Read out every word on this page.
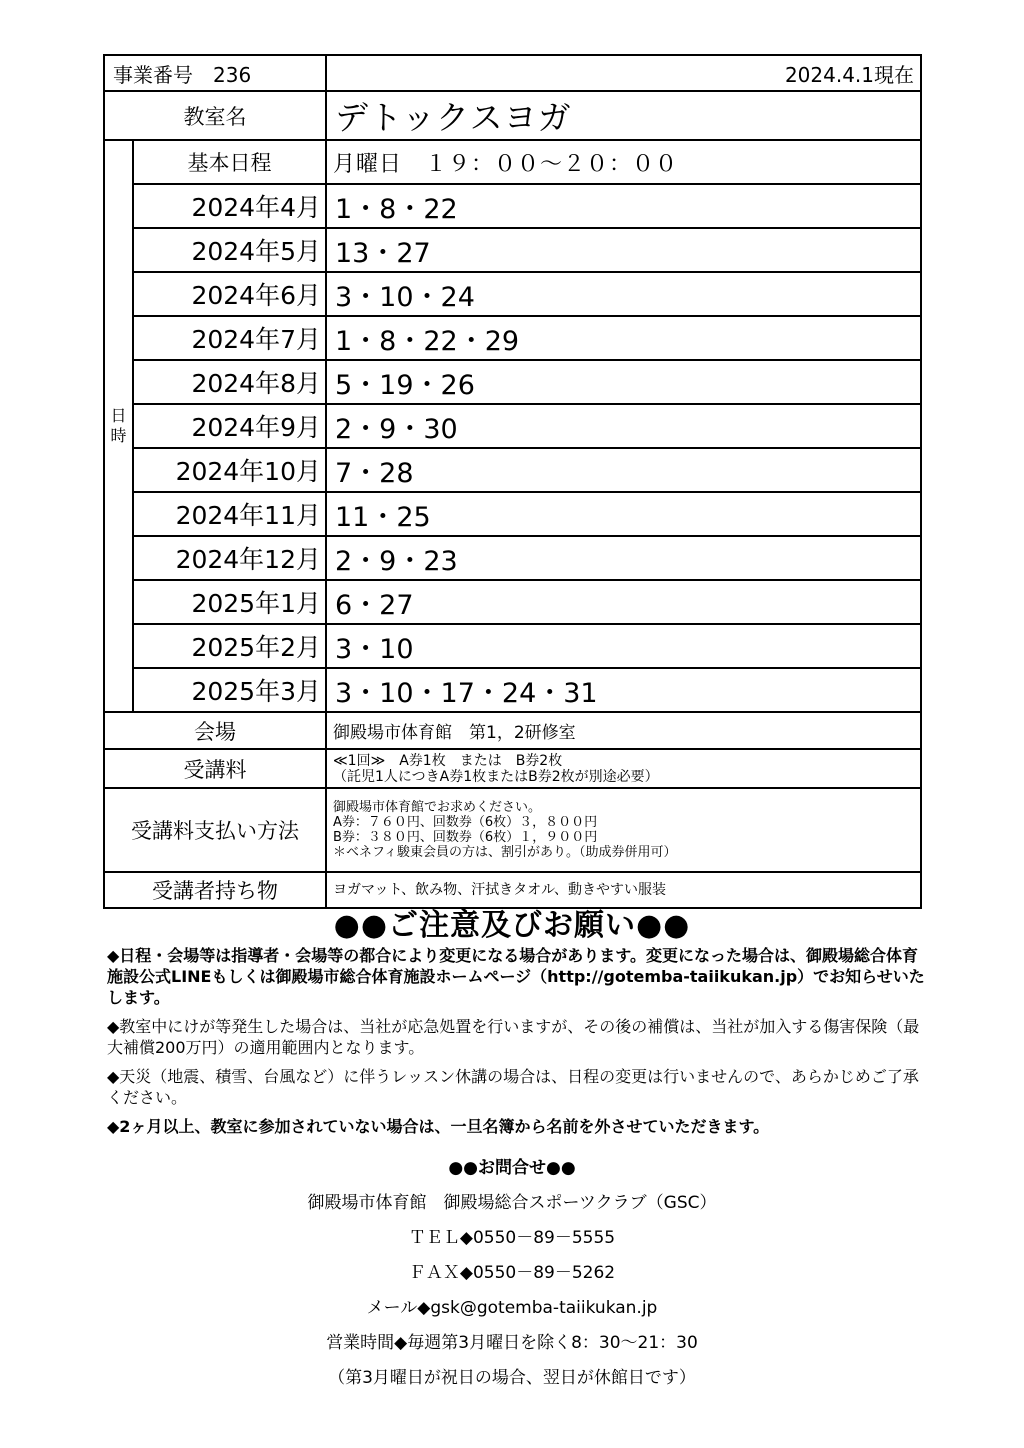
事業番号　236		2024.4.1現在
教室名		デトックスヨガ

日
時	基本日程	月曜日　１９：００～２０：００
	2024年4月	1・8・22
	2024年5月	13・27
	2024年6月	3・10・24
	2024年7月	1・8・22・29
	2024年8月	5・19・26
	2024年9月	2・9・30
	2024年10月	7・28
	2024年11月	11・25
	2024年12月	2・9・23
	2025年1月	6・27
	2025年2月	3・10
	2025年3月	3・10・17・24・31
会場		御殿場市体育館　第1，2研修室
受講料		≪1回≫　A券1枚　または　B券2枚
（託児1人につきA券1枚またはB券2枚が別途必要）

受講料支払い方法		御殿場市体育館でお求めください。
A券：７６０円、回数券（6枚）３，８００円
B券：３８０円、回数券（6枚）１，９００円
＊ベネフィ駿東会員の方は、割引があり。（助成券併用可）

受講者持ち物		ヨガマット、飲み物、汗拭きタオル、動きやすい服装
●●ご注意及びお願い●●

◆日程・会場等は指導者・会場等の都合により変更になる場合があります。変更になった場合は、御殿場総合体育施設公式LINEもしくは御殿場市総合体育施設ホームページ（http://gotemba-taiikukan.jp）でお知らせいたします。

◆教室中にけが等発生した場合は、当社が応急処置を行いますが、その後の補償は、当社が加入する傷害保険（最大補償200万円）の適用範囲内となります。

◆天災（地震、積雪、台風など）に伴うレッスン休講の場合は、日程の変更は行いませんので、あらかじめご了承ください。

◆2ヶ月以上、教室に参加されていない場合は、一旦名簿から名前を外させていただきます。

●●お問合せ●●
御殿場市体育館　御殿場総合スポーツクラブ（GSC）
ＴＥＬ◆0550－89－5555
ＦＡＸ◆0550－89－5262
メール◆gsk@gotemba-taiikukan.jp
営業時間◆毎週第3月曜日を除く8：30～21：30
（第3月曜日が祝日の場合、翌日が休館日です）
